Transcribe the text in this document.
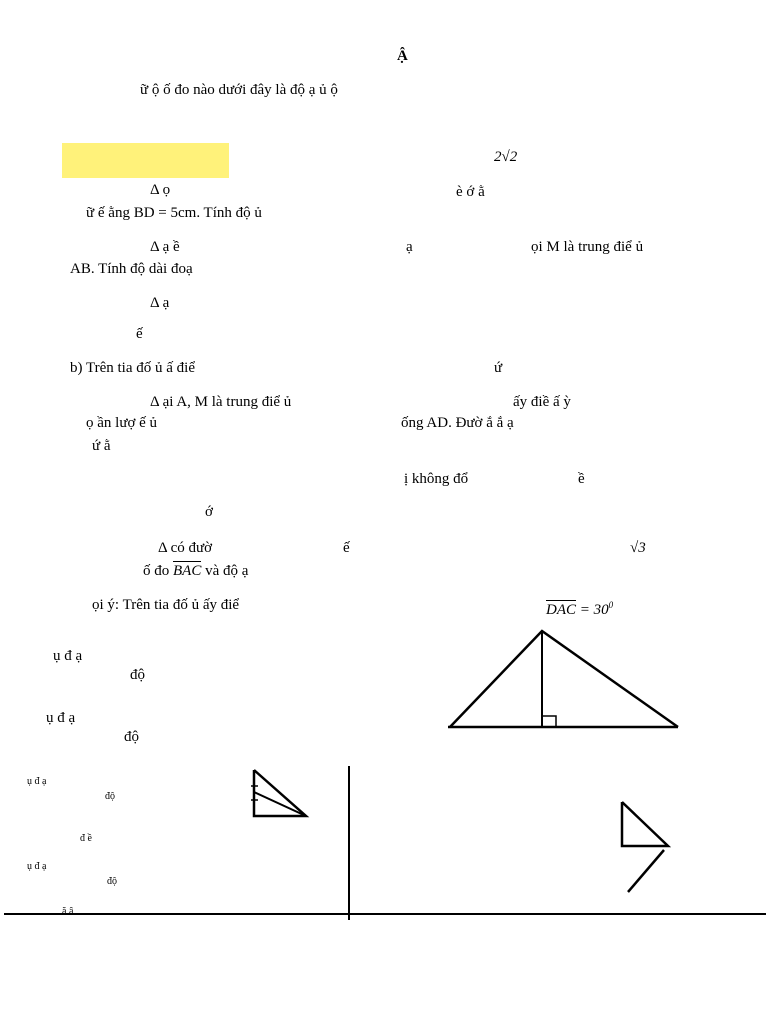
Ậ
ữ ộ ố đo nào dưới đây là độ ạ ủ ộ
2√2
Δ ọ	è ớ ằ
ữ ế ằng BD = 5cm. Tính độ ủ
Δ ạ ề	ạ	ọi M là trung điể ủ
AB. Tính độ dài đoạ
Δ ạ
ế
b) Trên tia đố ủ ấ điể	ứ
Δ ại A, M là trung điể ủ	ấy điề ấ ỳ
ọ ần lượ ế ủ	ống AD. Đườ ắ ắ ạ
ứ ằ
ị không đổ	ề
ớ
Δ có đườ	ế	√3
ố đo BAC và độ ạ
ọi ý: Trên tia đố ủ ấy điể	DAC = $30^0$
ụ đ ạ
độ
ụ đ ạ
độ
ụ đ ạ
độ
đ ề
ụ đ ạ
độ
ă â
